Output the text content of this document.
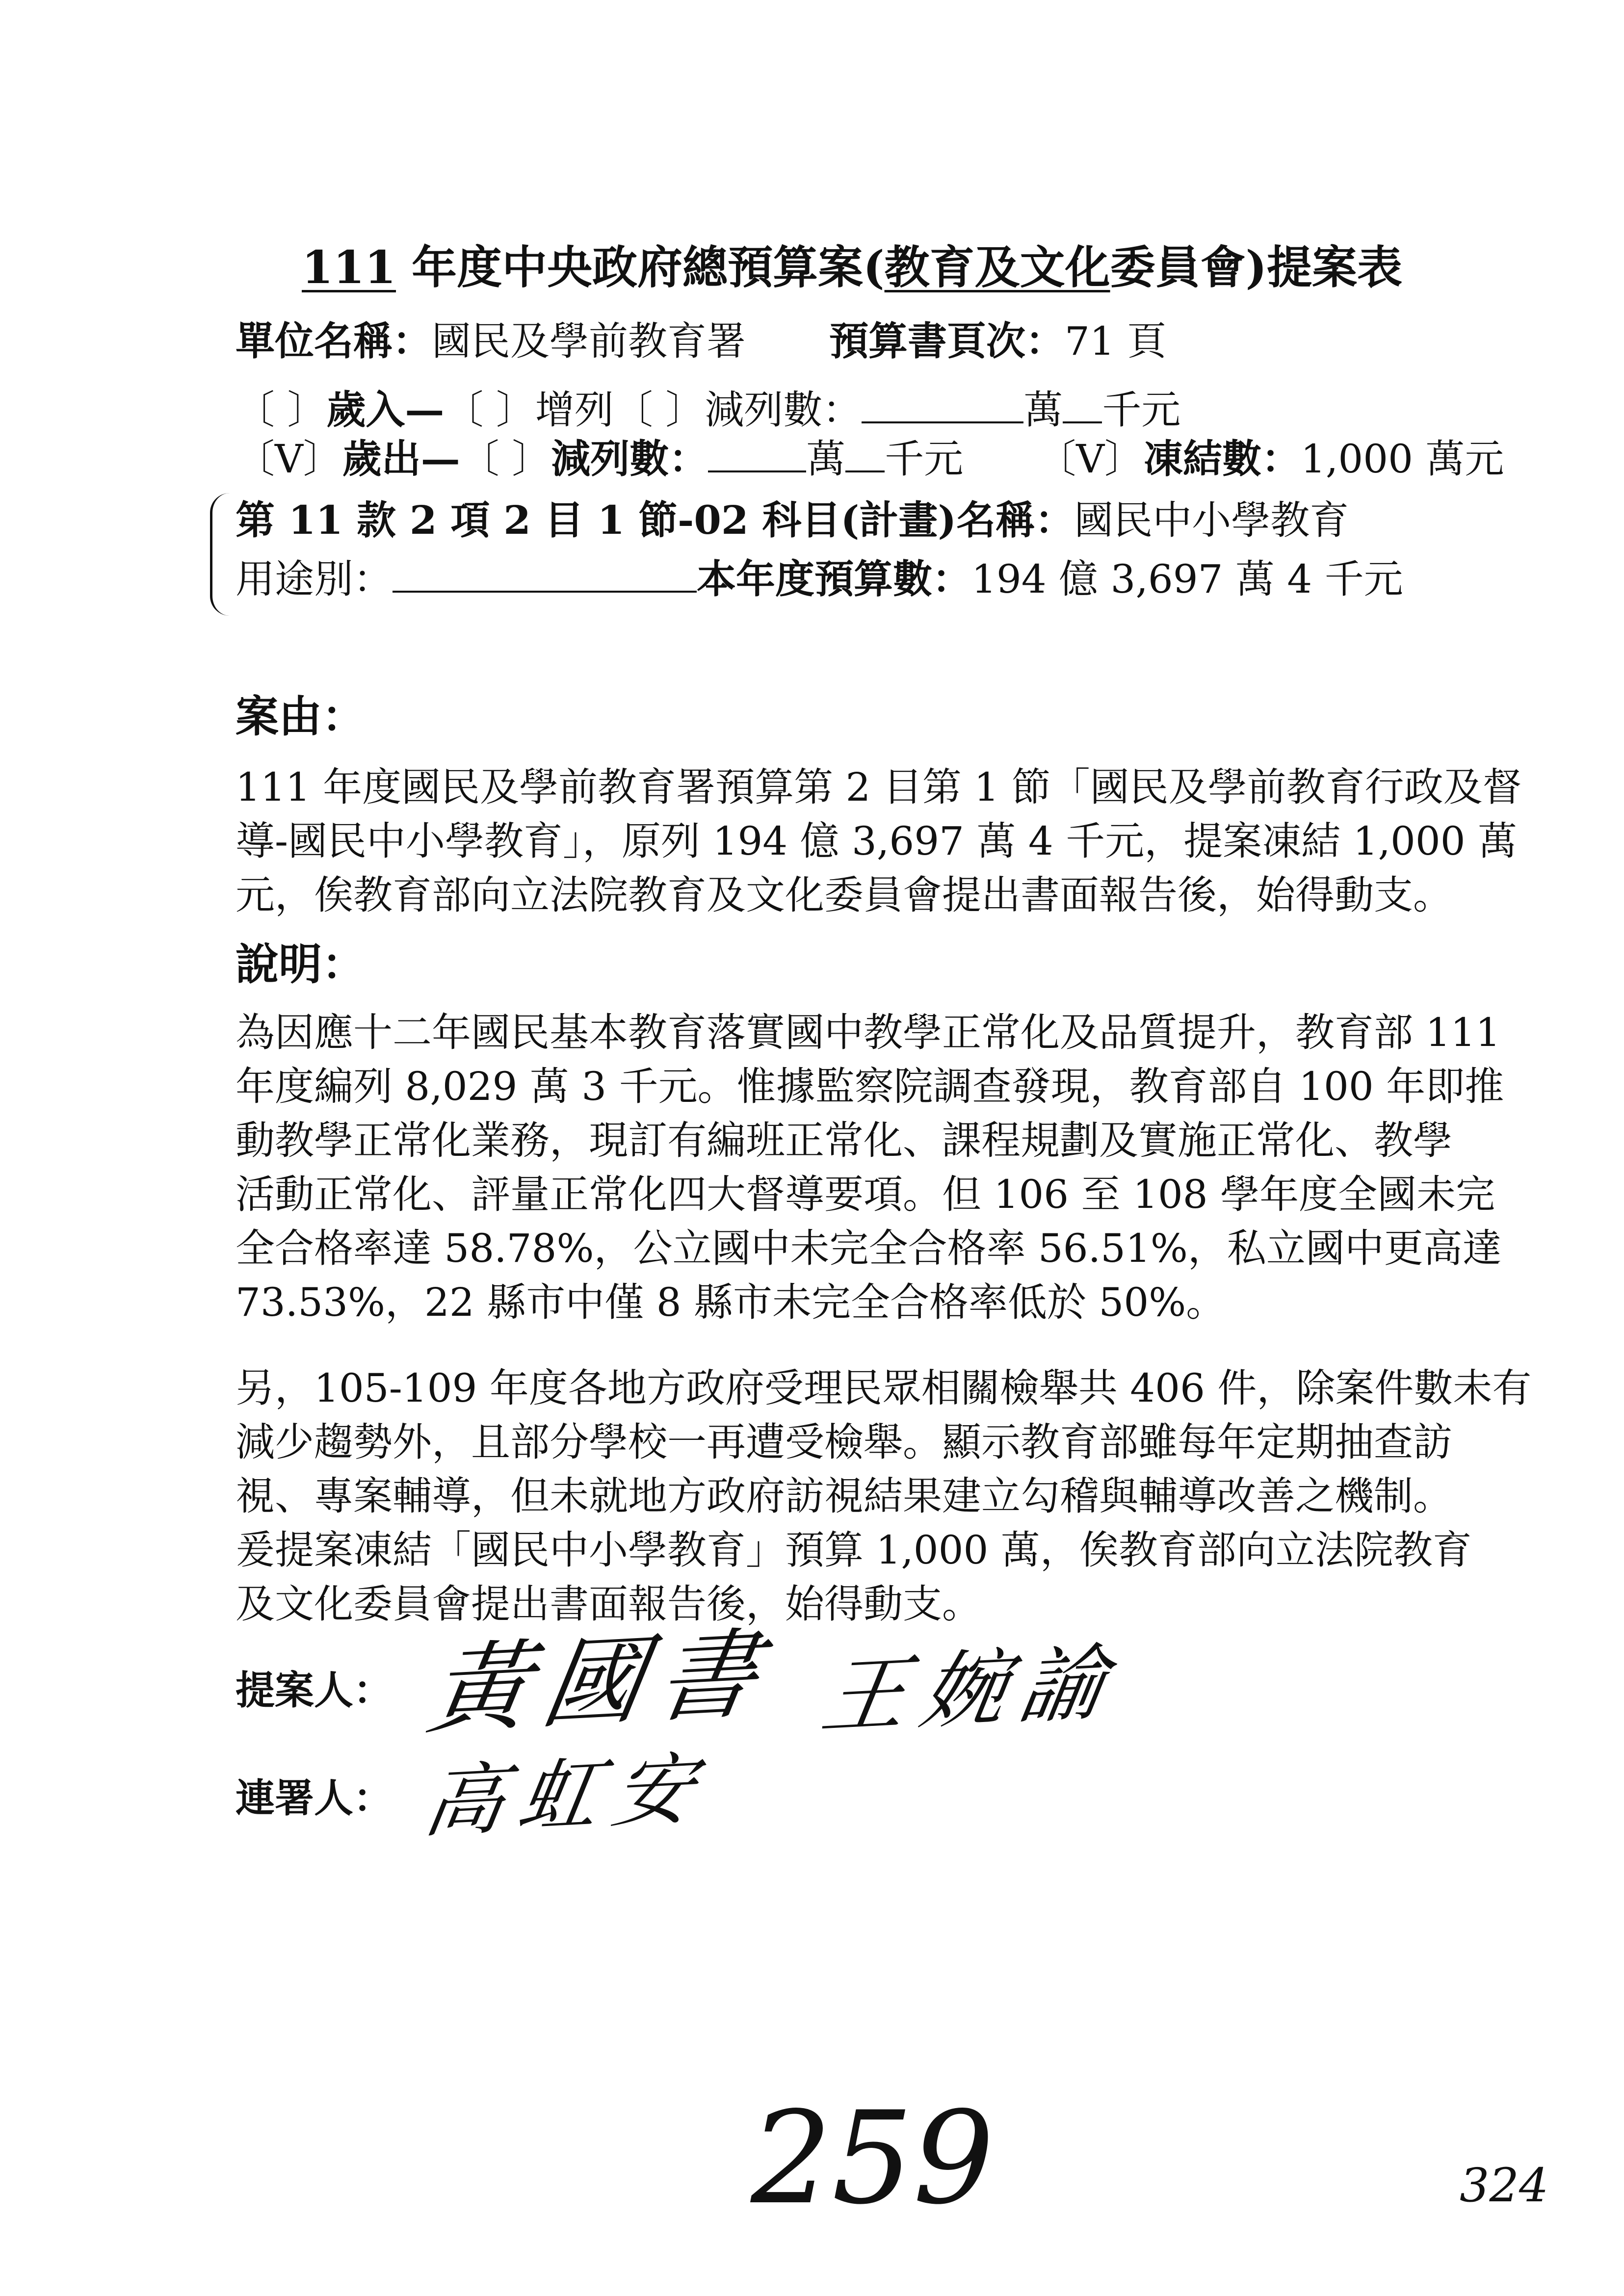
111 年度中央政府總預算案(教育及文化委員會)提案表
單位名稱：國民及學前教育署 預算書頁次：71 頁
〔 〕歲入—〔 〕增列〔 〕減列數：	萬 千元
〔V〕歲出—〔 〕減列數：	萬 千元 〔V〕凍結數：1,000 萬元
第 11 款 2 項 2 目 1 節-02 科目(計畫)名稱：國民中小學教育
用途別：	本年度預算數：194 億 3,697 萬 4 千元
案由：
111 年度國民及學前教育署預算第 2 目第 1 節「國民及學前教育行政及督
導-國民中小學教育」，原列 194 億 3,697 萬 4 千元，提案凍結 1,000 萬
元，俟教育部向立法院教育及文化委員會提出書面報告後，始得動支。
說明：
為因應十二年國民基本教育落實國中教學正常化及品質提升，教育部 111
年度編列 8,029 萬 3 千元。惟據監察院調查發現，教育部自 100 年即推
動教學正常化業務，現訂有編班正常化、課程規劃及實施正常化、教學
活動正常化、評量正常化四大督導要項。但 106 至 108 學年度全國未完
全合格率達 58.78%，公立國中未完全合格率 56.51%，私立國中更高達
73.53%，22 縣市中僅 8 縣市未完全合格率低於 50%。
另，105-109 年度各地方政府受理民眾相關檢舉共 406 件，除案件數未有
減少趨勢外，且部分學校一再遭受檢舉。顯示教育部雖每年定期抽查訪
視、專案輔導，但未就地方政府訪視結果建立勾稽與輔導改善之機制。
爰提案凍結「國民中小學教育」預算 1,000 萬，俟教育部向立法院教育
及文化委員會提出書面報告後，始得動支。
提案人： 黃國書 王婉諭
連署人： 高虹安
259	324
